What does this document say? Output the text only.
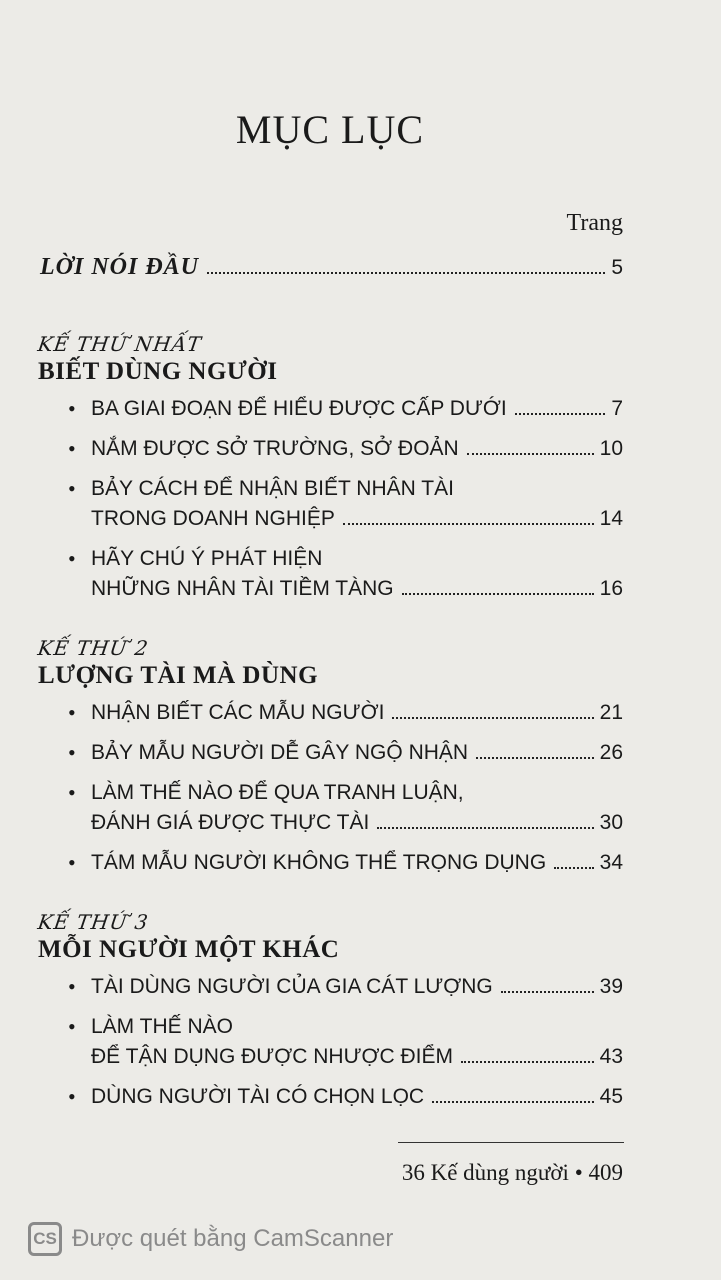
MỤC LỤC
Trang
LỜI NÓI ĐẦU	5
KẾ THỨ NHẤT
BIẾT DÙNG NGƯỜI
• BA GIAI ĐOẠN ĐỂ HIỂU ĐƯỢC CẤP DƯỚI	7
• NẮM ĐƯỢC SỞ TRƯỜNG, SỞ ĐOẢN	10
• BẢY CÁCH ĐỂ NHẬN BIẾT NHÂN TÀI
TRONG DOANH NGHIỆP	14
• HÃY CHÚ Ý PHÁT HIỆN
NHỮNG NHÂN TÀI TIỀM TÀNG	16
KẾ THỨ 2
LƯỢNG TÀI MÀ DÙNG
• NHẬN BIẾT CÁC MẪU NGƯỜI	21
• BẢY MẪU NGƯỜI DỄ GÂY NGỘ NHẬN	26
• LÀM THẾ NÀO ĐỂ QUA TRANH LUẬN,
ĐÁNH GIÁ ĐƯỢC THỰC TÀI	30
• TÁM MẪU NGƯỜI KHÔNG THỂ TRỌNG DỤNG	34
KẾ THỨ 3
MỖI NGƯỜI MỘT KHÁC
• TÀI DÙNG NGƯỜI CỦA GIA CÁT LƯỢNG	39
• LÀM THẾ NÀO
ĐỂ TẬN DỤNG ĐƯỢC NHƯỢC ĐIỂM	43
• DÙNG NGƯỜI TÀI CÓ CHỌN LỌC	45
36 Kế dùng người • 409
CS Được quét bằng CamScanner
